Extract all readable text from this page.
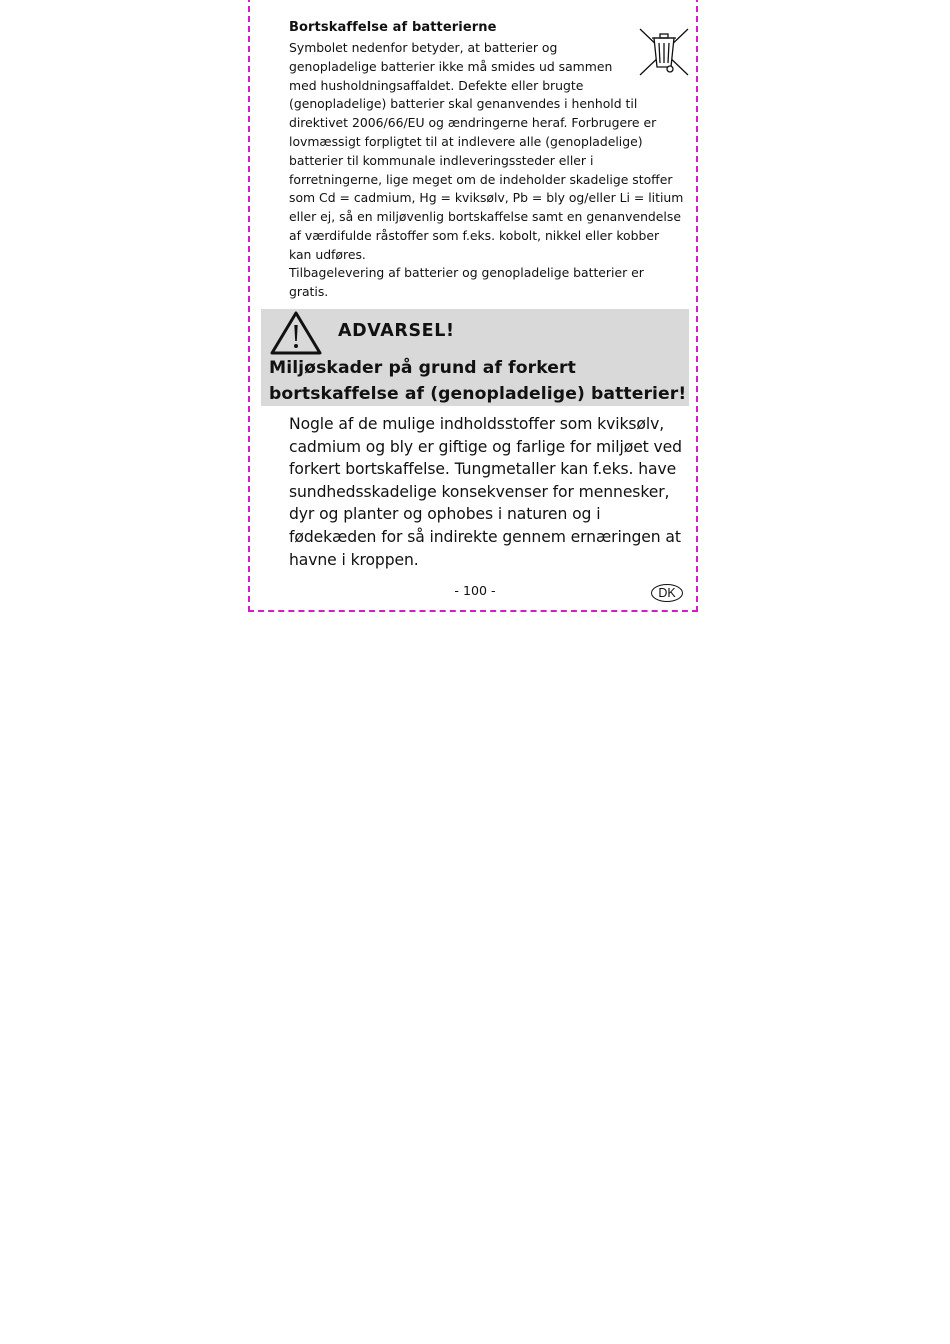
Bortskaffelse af batterierne

Symbolet nedenfor betyder, at batterier og genopladelige batterier ikke må smides ud sammen med husholdningsaffaldet. Defekte eller brugte (genopladelige) batterier skal genanvendes i henhold til direktivet 2006/66/EU og ændringerne heraf. Forbrugere er lovmæssigt forpligtet til at indlevere alle (genopladelige) batterier til kommunale indleveringssteder eller i forretningerne, lige meget om de indeholder skadelige stoffer som Cd = cadmium, Hg = kviksølv, Pb = bly og/eller Li = litium eller ej, så en miljøvenlig bortskaffelse samt en genanvendelse af værdifulde råstoffer som f.eks. kobolt, nikkel eller kobber kan udføres.

Tilbagelevering af batterier og genopladelige batterier er gratis.

ADVARSEL!

Miljøskader på grund af forkert bortskaffelse af (genopladelige) batterier!

Nogle af de mulige indholdsstoffer som kviksølv, cadmium og bly er giftige og farlige for miljøet ved forkert bortskaffelse. Tungmetaller kan f.eks. have sundhedsskadelige konsekvenser for mennesker, dyr og planter og ophobes i naturen og i fødekæden for så indirekte gennem ernæringen at havne i kroppen.

- 100 -	DK
